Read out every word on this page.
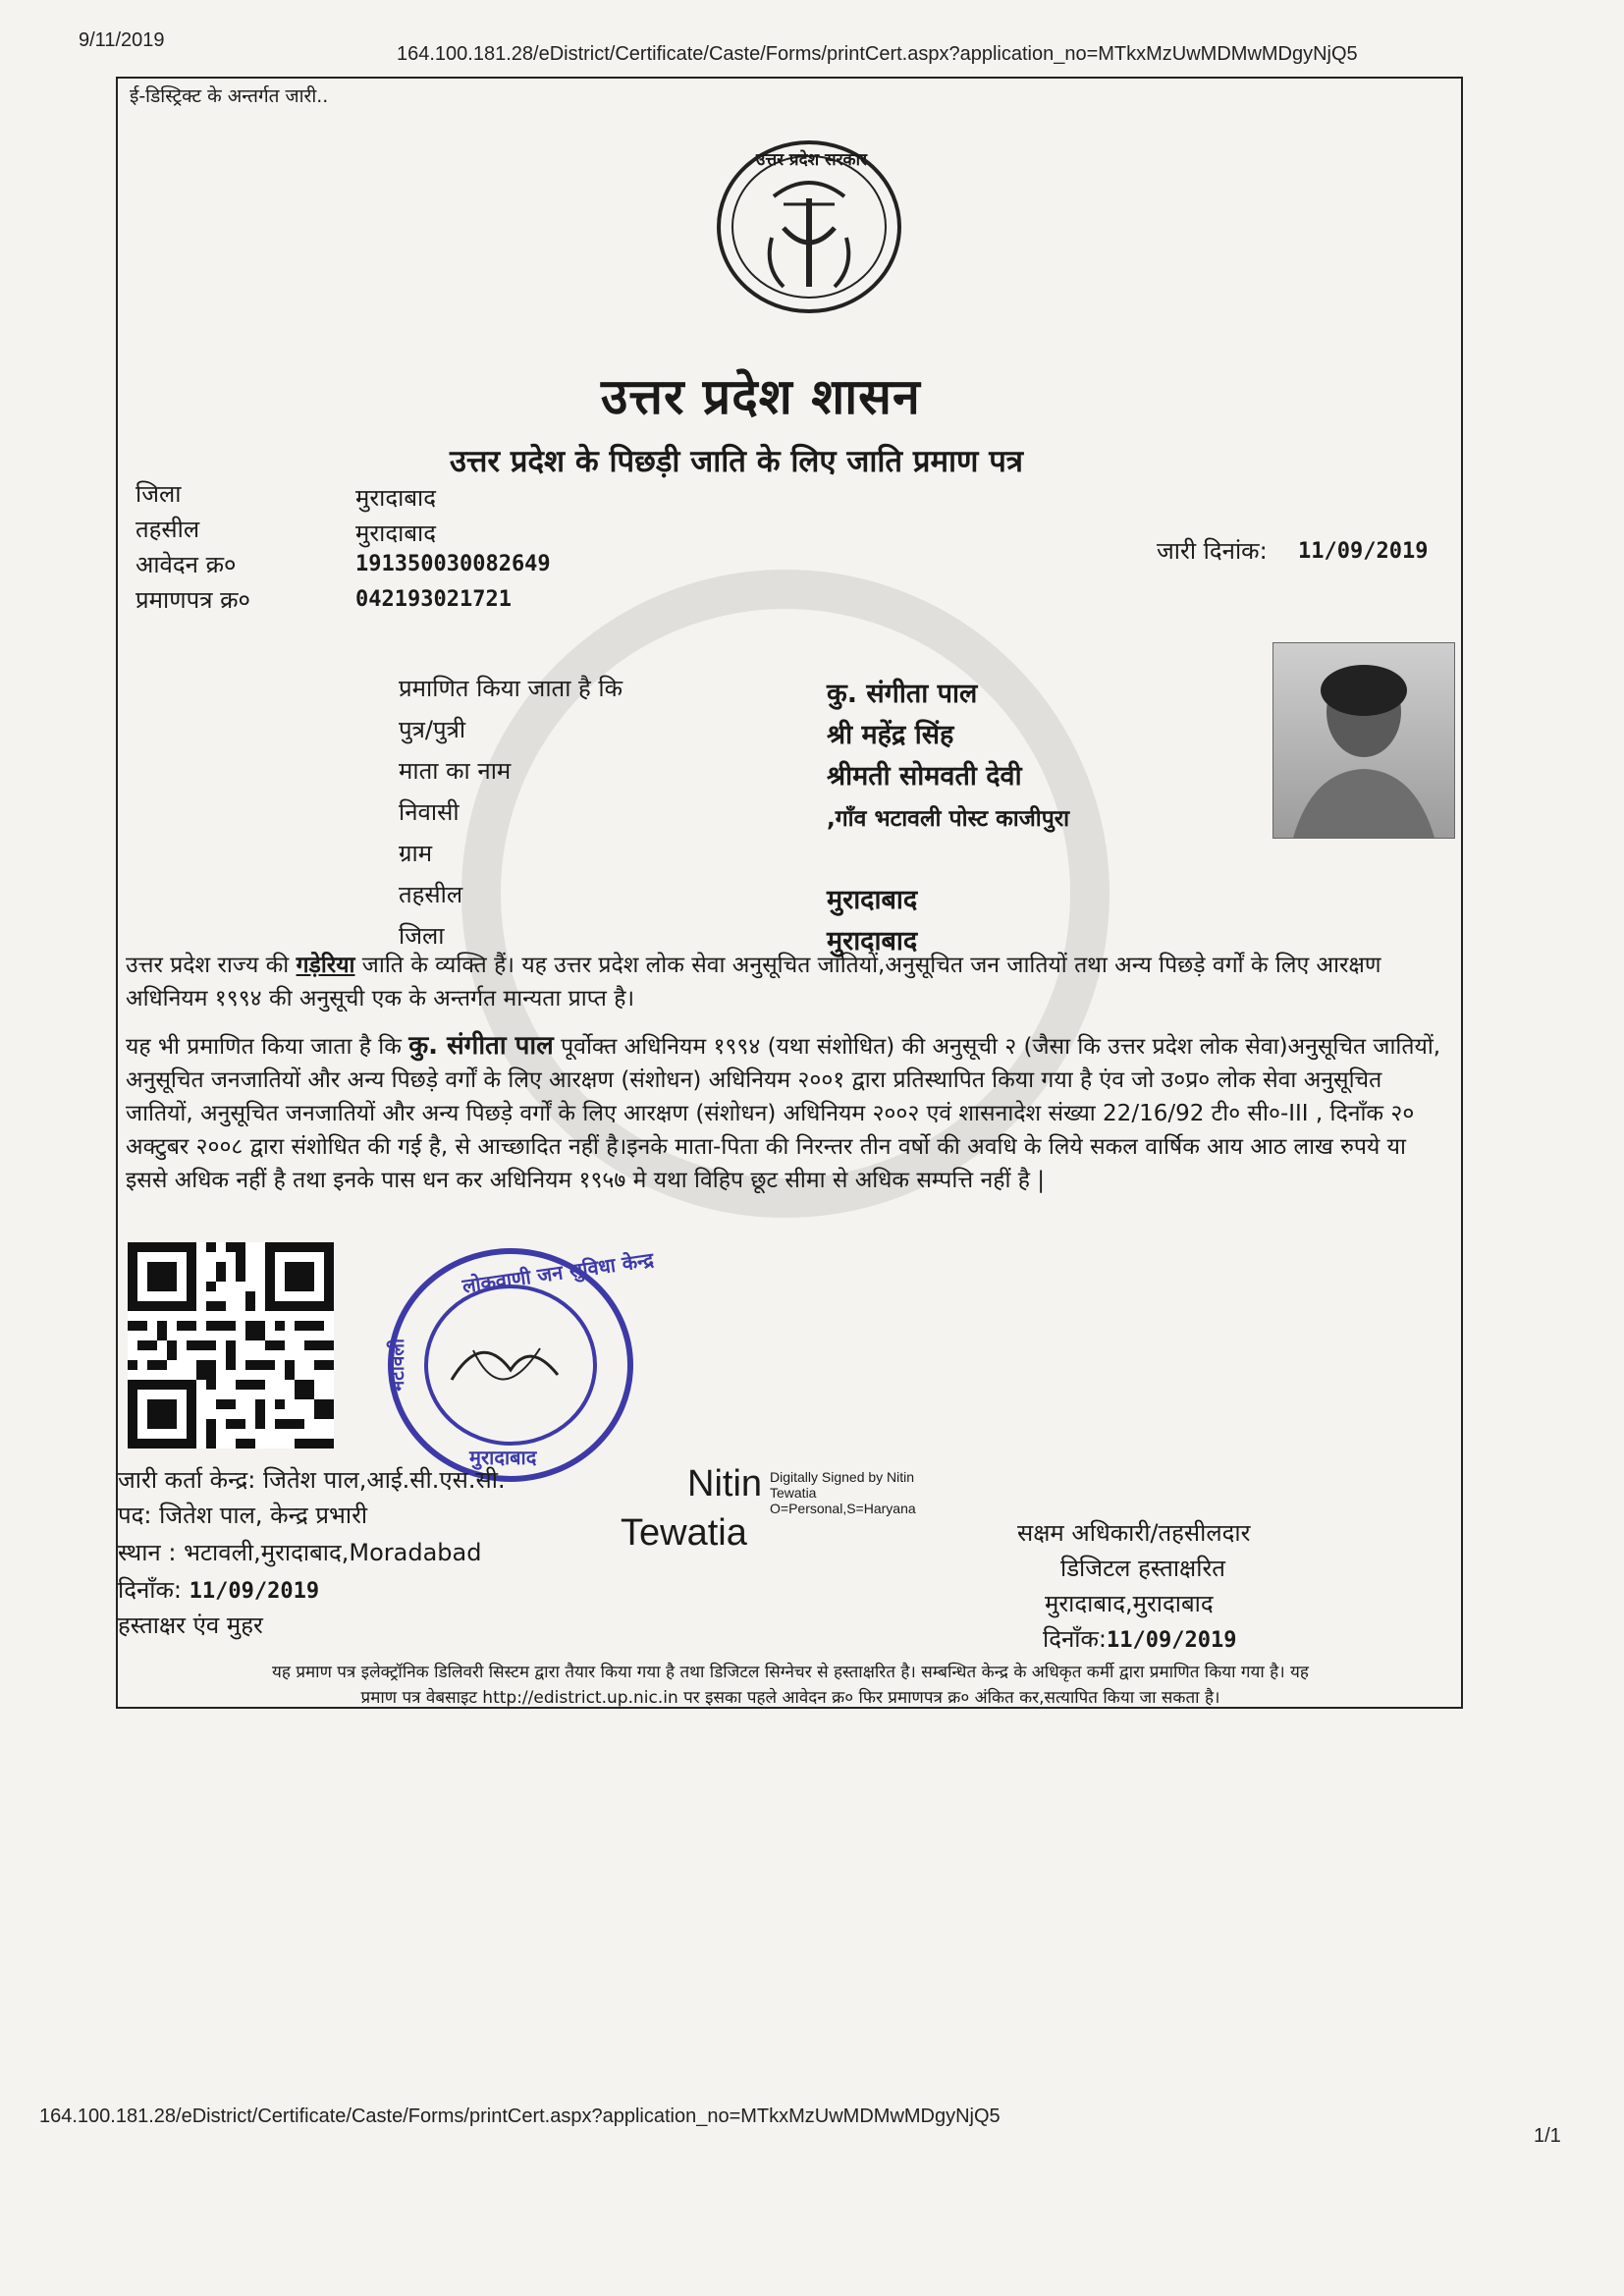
9/11/2019
164.100.181.28/eDistrict/Certificate/Caste/Forms/printCert.aspx?application_no=MTkxMzUwMDMwMDgyNjQ5
ई-डिस्ट्रिक्ट के अन्तर्गत जारी..
उत्तर प्रदेश सरकार
उत्तर प्रदेश शासन
उत्तर प्रदेश के पिछड़ी जाति के लिए जाति प्रमाण पत्र
जिला	मुरादाबाद
तहसील	मुरादाबाद
आवेदन क्र०	191350030082649
प्रमाणपत्र क्र०	042193021721
जारी दिनांक: 11/09/2019
प्रमाणित किया जाता है कि	कु. संगीता पाल
पुत्र/पुत्री	श्री महेंद्र सिंह
माता का नाम	श्रीमती सोमवती देवी
निवासी	,गाँव भटावली पोस्ट काजीपुरा
ग्राम
तहसील	मुरादाबाद
जिला	मुरादाबाद
उत्तर प्रदेश राज्य की गड़ेरिया जाति के व्यक्ति हैं। यह उत्तर प्रदेश लोक सेवा अनुसूचित जातियों,अनुसूचित जन जातियों तथा अन्य पिछड़े वर्गों के लिए आरक्षण अधिनियम १९९४ की अनुसूची एक के अन्तर्गत मान्यता प्राप्त है।
यह भी प्रमाणित किया जाता है कि कु. संगीता पाल पूर्वोक्त अधिनियम १९९४ (यथा संशोधित) की अनुसूची २ (जैसा कि उत्तर प्रदेश लोक सेवा)अनुसूचित जातियों, अनुसूचित जनजातियों और अन्य पिछड़े वर्गों के लिए आरक्षण (संशोधन) अधिनियम २००१ द्वारा प्रतिस्थापित किया गया है एंव जो उ०प्र० लोक सेवा अनुसूचित जातियों, अनुसूचित जनजातियों और अन्य पिछड़े वर्गों के लिए आरक्षण (संशोधन) अधिनियम २००२ एवं शासनादेश संख्या 22/16/92 टी० सी०-III , दिनाँक २० अक्टुबर २००८ द्वारा संशोधित की गई है, से आच्छादित नहीं है।इनके माता-पिता की निरन्तर तीन वर्षो की अवधि के लिये सकल वार्षिक आय आठ लाख रुपये या इससे अधिक नहीं है तथा इनके पास धन कर अधिनियम १९५७ मे यथा विहिप छूट सीमा से अधिक सम्पत्ति नहीं है |
लोकवाणी जन सुविधा केन्द्र
मुरादाबाद
भटावली
जारी कर्ता केन्द्र: जितेश पाल,आई.सी.एस.सी.
पद: जितेश पाल, केन्द्र प्रभारी
स्थान : भटावली,मुरादाबाद,Moradabad
दिनाँक: 11/09/2019
हस्ताक्षर एंव मुहर
Nitin
Tewatia
Digitally Signed by Nitin
Tewatia
O=Personal,S=Haryana
सक्षम अधिकारी/तहसीलदार
डिजिटल हस्ताक्षरित
मुरादाबाद,मुरादाबाद
दिनाँक:11/09/2019
यह प्रमाण पत्र इलेक्ट्रॉनिक डिलिवरी सिस्टम द्वारा तैयार किया गया है तथा डिजिटल सिग्नेचर से हस्ताक्षरित है। सम्बन्धित केन्द्र के अधिकृत कर्मी द्वारा प्रमाणित किया गया है। यह
प्रमाण पत्र वेबसाइट http://edistrict.up.nic.in पर इसका पहले आवेदन क्र० फिर प्रमाणपत्र क्र० अंकित कर,सत्यापित किया जा सकता है।
164.100.181.28/eDistrict/Certificate/Caste/Forms/printCert.aspx?application_no=MTkxMzUwMDMwMDgyNjQ5
1/1
